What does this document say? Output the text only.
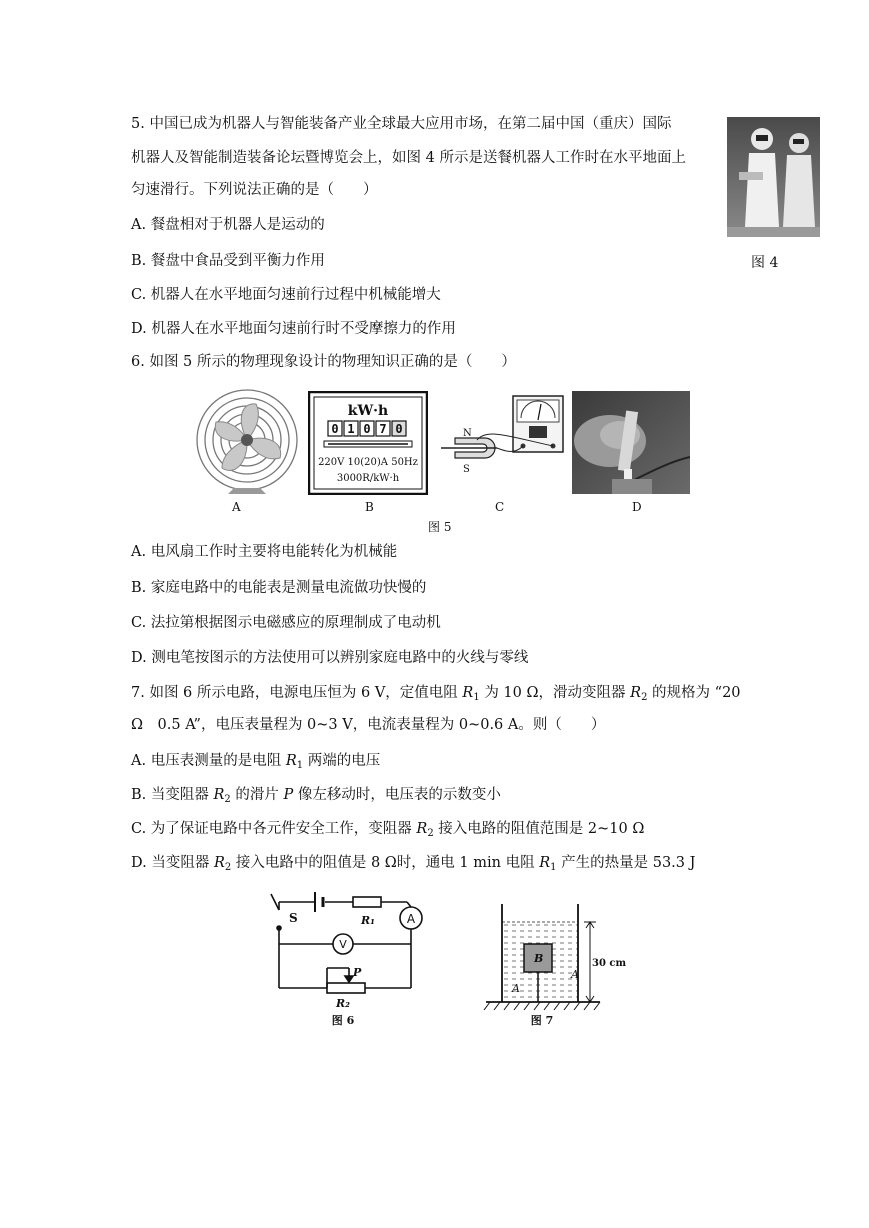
5. 中国已成为机器人与智能装备产业全球最大应用市场，在第二届中国（重庆）国际
机器人及智能制造装备论坛暨博览会上，如图 4 所示是送餐机器人工作时在水平地面上
匀速滑行。下列说法正确的是（　　）
A. 餐盘相对于机器人是运动的
B. 餐盘中食品受到平衡力作用
C. 机器人在水平地面匀速前行过程中机械能增大
D. 机器人在水平地面匀速前行时不受摩擦力的作用
图 4
6. 如图 5 所示的物理现象设计的物理知识正确的是（　　）
A
kW·h
0 1 0 7 0
220V 10(20)A 50Hz
3000R/kW·h
B
N
S
C	D
图 5
A. 电风扇工作时主要将电能转化为机械能
B. 家庭电路中的电能表是测量电流做功快慢的
C. 法拉第根据图示电磁感应的原理制成了电动机
D. 测电笔按图示的方法使用可以辨别家庭电路中的火线与零线
7. 如图 6 所示电路，电源电压恒为 6 V，定值电阻 $R_1$ 为 10 Ω，滑动变阻器 $R_2$ 的规格为 “20
Ω　0.5 A”，电压表量程为 0~3 V，电流表量程为 0~0.6 A。则（　　）
A. 电压表测量的是电阻 $R_1$ 两端的电压
B. 当变阻器 $R_2$ 的滑片 P 像左移动时，电压表的示数变小
C. 为了保证电路中各元件安全工作，变阻器 $R_2$ 接入电路的阻值范围是 2~10 Ω
D. 当变阻器 $R_2$ 接入电路中的阻值是 8 Ω时，通电 1 min 电阻 $R_1$ 产生的热量是 53.3 J
S	R₁	A
V
P
R₂
图 6
B
A
A
30 cm
图 7
